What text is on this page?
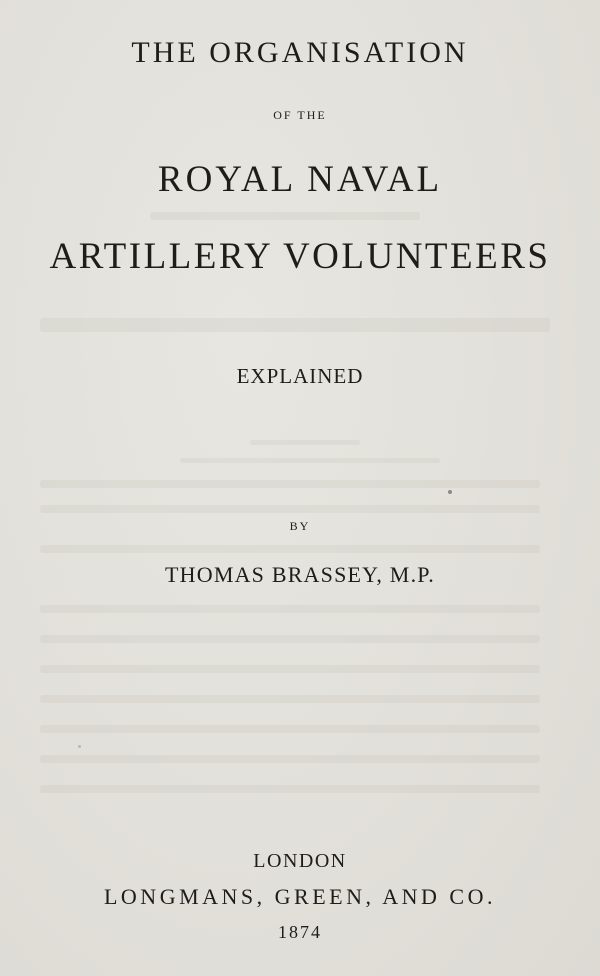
THE ORGANISATION
OF THE
ROYAL NAVAL
ARTILLERY VOLUNTEERS
EXPLAINED
BY
THOMAS BRASSEY, M.P.
LONDON
LONGMANS, GREEN, AND CO.
1874
